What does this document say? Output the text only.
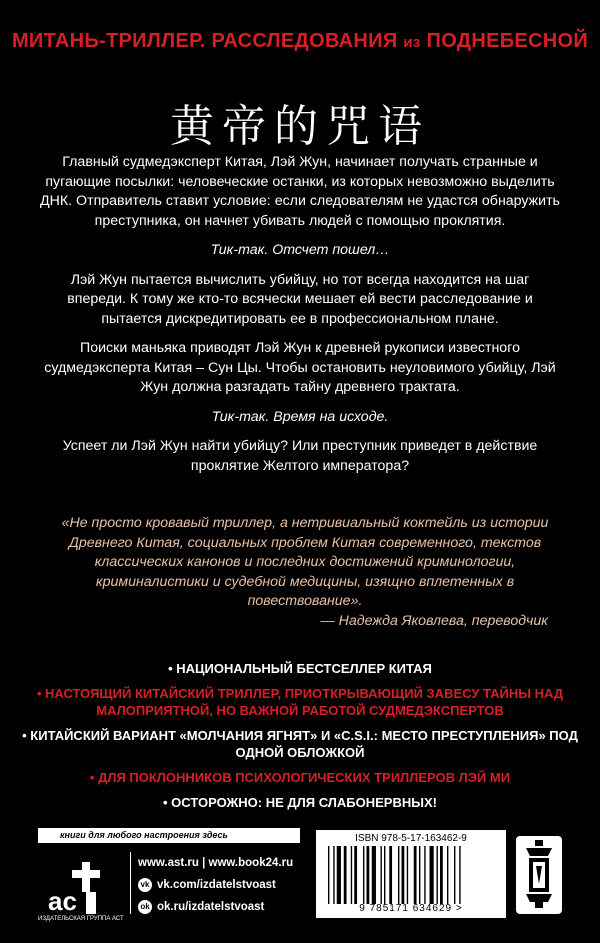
МИТАНЬ-ТРИЛЛЕР. РАССЛЕДОВАНИЯ из ПОДНЕБЕСНОЙ
黄帝的咒语

Главный судмедэксперт Китая, Лэй Жун, начинает получать странные и пугающие посылки: человеческие останки, из которых невозможно выделить ДНК. Отправитель ставит условие: если следователям не удастся обнаружить преступника, он начнет убивать людей с помощью проклятия.

Тик-так. Отсчет пошел…

Лэй Жун пытается вычислить убийцу, но тот всегда находится на шаг впереди. К тому же кто-то всячески мешает ей вести расследование и пытается дискредитировать ее в профессиональном плане.

Поиски маньяка приводят Лэй Жун к древней рукописи известного судмедэксперта Китая – Сун Цы. Чтобы остановить неуловимого убийцу, Лэй Жун должна разгадать тайну древнего трактата.

Тик-так. Время на исходе.

Успеет ли Лэй Жун найти убийцу? Или преступник приведет в действие проклятие Желтого императора?

«Не просто кровавый триллер, а нетривиальный коктейль из истории Древнего Китая, социальных проблем Китая современного, текстов классических канонов и последних достижений криминологии, криминалистики и судебной медицины, изящно вплетенных в повествование».
— Надежда Яковлева, переводчик
• НАЦИОНАЛЬНЫЙ БЕСТСЕЛЛЕР КИТАЯ
• НАСТОЯЩИЙ КИТАЙСКИЙ ТРИЛЛЕР, ПРИОТКРЫВАЮЩИЙ ЗАВЕСУ ТАЙНЫ НАД МАЛОПРИЯТНОЙ, НО ВАЖНОЙ РАБОТОЙ СУДМЕДЭКСПЕРТОВ
• КИТАЙСКИЙ ВАРИАНТ «МОЛЧАНИЯ ЯГНЯТ» И «C.S.I.: МЕСТО ПРЕСТУПЛЕНИЯ» ПОД ОДНОЙ ОБЛОЖКОЙ
• ДЛЯ ПОКЛОННИКОВ ПСИХОЛОГИЧЕСКИХ ТРИЛЛЕРОВ ЛЭЙ МИ
• ОСТОРОЖНО: НЕ ДЛЯ СЛАБОНЕРВНЫХ!
книги для любого настроения здесь
ac
ИЗДАТЕЛЬСКАЯ ГРУППА АСТ
www.ast.ru | www.book24.ru
vk vk.com/izdatelstvoast
ok ok.ru/izdatelstvoast
ISBN 978-5-17-163462-9
9 785171 634629 >
